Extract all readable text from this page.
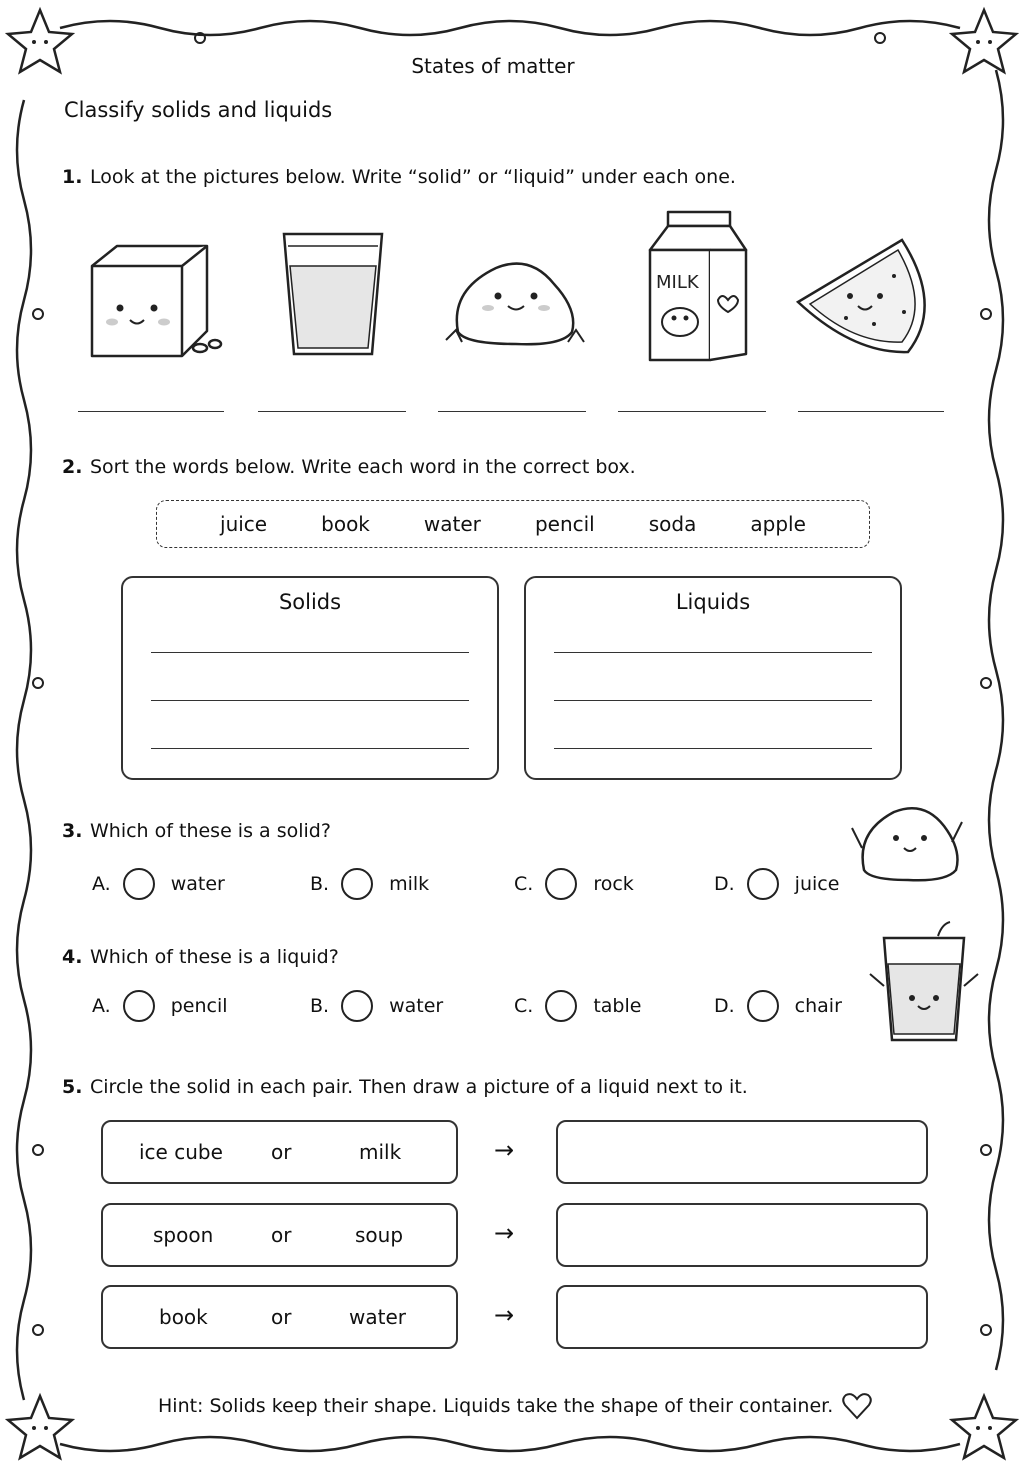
States of matter
Classify solids and liquids
1. Look at the pictures below. Write “solid” or “liquid” under each one.
MILK
2. Sort the words below. Write each word in the correct box.
juice	book	water	pencil	soda	apple
Solids	Liquids
3. Which of these is a solid?
A.	water	B.	milk	C.	rock	D.	juice
4. Which of these is a liquid?
A.	pencil	B.	water	C.	table	D.	chair
5. Circle the solid in each pair. Then draw a picture of a liquid next to it.
ice cube or	milk	→
spoon	or	soup	→
book	or	water	→
Hint: Solids keep their shape. Liquids take the shape of their container.
